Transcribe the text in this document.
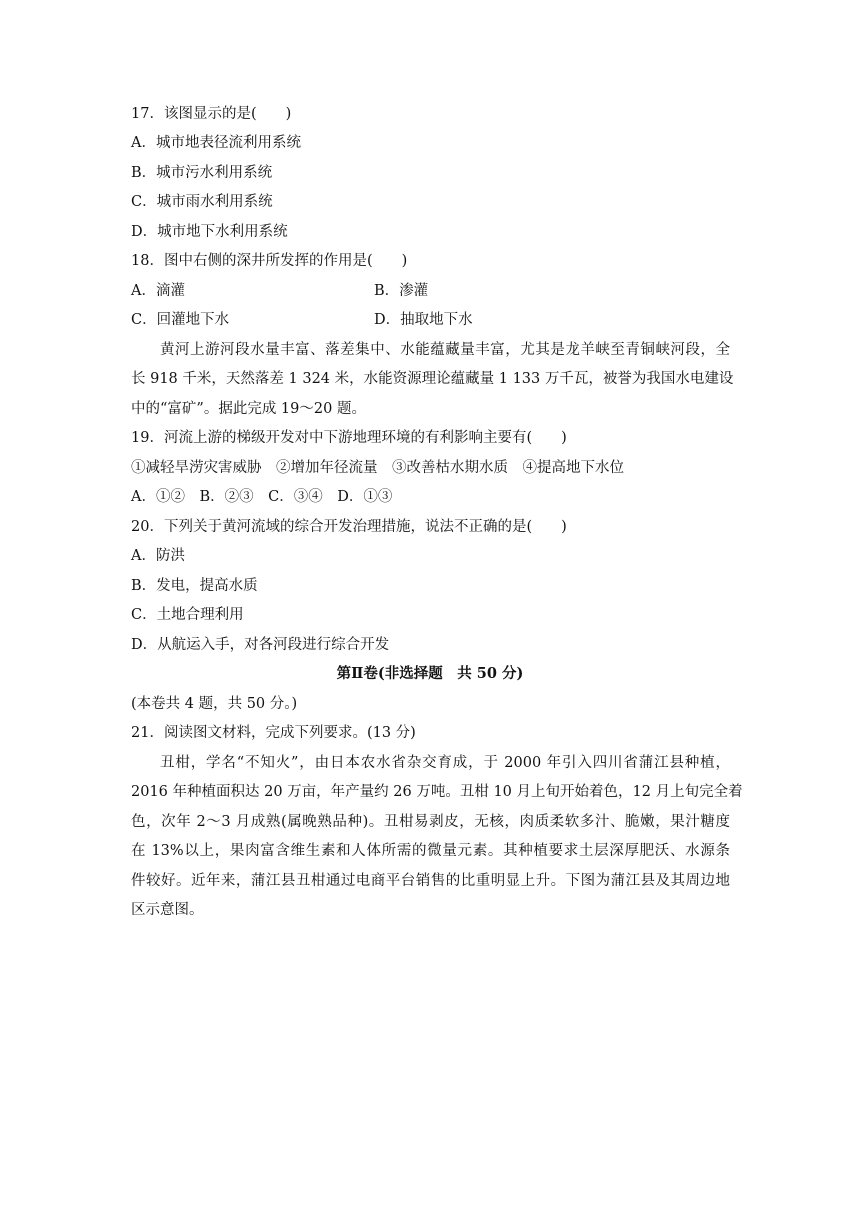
17．该图显示的是(　　)
A．城市地表径流利用系统
B．城市污水利用系统
C．城市雨水利用系统
D．城市地下水利用系统
18．图中右侧的深井所发挥的作用是(　　)
A．滴灌	B．渗灌
C．回灌地下水	D．抽取地下水
黄河上游河段水量丰富、落差集中、水能蕴藏量丰富，尤其是龙羊峡至青铜峡河段，全
长 918 千米，天然落差 1 324 米，水能资源理论蕴藏量 1 133 万千瓦，被誉为我国水电建设
中的“富矿”。据此完成 19～20 题。
19．河流上游的梯级开发对中下游地理环境的有利影响主要有(　　)
①减轻旱涝灾害威胁　②增加年径流量　③改善枯水期水质　④提高地下水位
A．①②　B．②③　C．③④　D．①③
20．下列关于黄河流域的综合开发治理措施，说法不正确的是(　　)
A．防洪
B．发电，提高水质
C．土地合理利用
D．从航运入手，对各河段进行综合开发
第Ⅱ卷(非选择题　共 50 分)
(本卷共 4 题，共 50 分。)
21．阅读图文材料，完成下列要求。(13 分)
丑柑，学名“不知火”，由日本农水省杂交育成，于 2000 年引入四川省蒲江县种植，
2016 年种植面积达 20 万亩，年产量约 26 万吨。丑柑 10 月上旬开始着色，12 月上旬完全着
色，次年 2～3 月成熟(属晚熟品种)。丑柑易剥皮，无核，肉质柔软多汁、脆嫩，果汁糖度
在 13%以上，果肉富含维生素和人体所需的微量元素。其种植要求土层深厚肥沃、水源条
件较好。近年来，蒲江县丑柑通过电商平台销售的比重明显上升。下图为蒲江县及其周边地
区示意图。
